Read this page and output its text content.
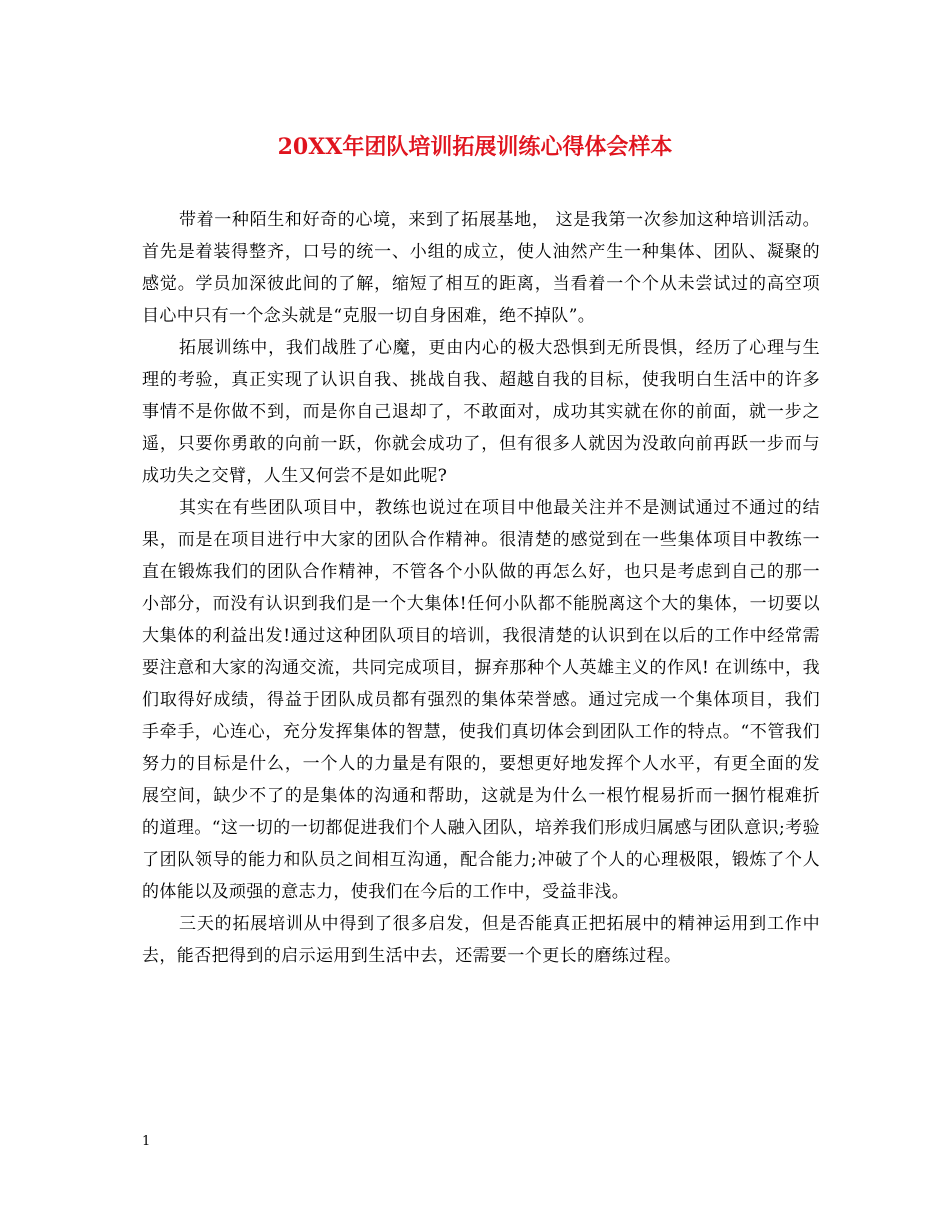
20XX年团队培训拓展训练心得体会样本

带着一种陌生和好奇的心境，来到了拓展基地， 这是我第一次参加这种培训活动。首先是着装得整齐，口号的统一、小组的成立，使人油然产生一种集体、团队、凝聚的感觉。学员加深彼此间的了解，缩短了相互的距离，当看着一个个从未尝试过的高空项目心中只有一个念头就是“克服一切自身困难，绝不掉队”。

拓展训练中，我们战胜了心魔，更由内心的极大恐惧到无所畏惧，经历了心理与生理的考验，真正实现了认识自我、挑战自我、超越自我的目标，使我明白生活中的许多事情不是你做不到，而是你自己退却了，不敢面对，成功其实就在你的前面，就一步之遥，只要你勇敢的向前一跃，你就会成功了，但有很多人就因为没敢向前再跃一步而与成功失之交臂，人生又何尝不是如此呢?

其实在有些团队项目中，教练也说过在项目中他最关注并不是测试通过不通过的结果，而是在项目进行中大家的团队合作精神。很清楚的感觉到在一些集体项目中教练一直在锻炼我们的团队合作精神，不管各个小队做的再怎么好，也只是考虑到自己的那一小部分，而没有认识到我们是一个大集体!任何小队都不能脱离这个大的集体，一切要以大集体的利益出发!通过这种团队项目的培训，我很清楚的认识到在以后的工作中经常需要注意和大家的沟通交流，共同完成项目，摒弃那种个人英雄主义的作风! 在训练中，我们取得好成绩，得益于团队成员都有强烈的集体荣誉感。通过完成一个集体项目，我们手牵手，心连心，充分发挥集体的智慧，使我们真切体会到团队工作的特点。“不管我们努力的目标是什么，一个人的力量是有限的，要想更好地发挥个人水平，有更全面的发展空间，缺少不了的是集体的沟通和帮助，这就是为什么一根竹棍易折而一捆竹棍难折的道理。“这一切的一切都促进我们个人融入团队，培养我们形成归属感与团队意识;考验了团队领导的能力和队员之间相互沟通，配合能力;冲破了个人的心理极限，锻炼了个人的体能以及顽强的意志力，使我们在今后的工作中，受益非浅。

三天的拓展培训从中得到了很多启发，但是否能真正把拓展中的精神运用到工作中去，能否把得到的启示运用到生活中去，还需要一个更长的磨练过程。

1
